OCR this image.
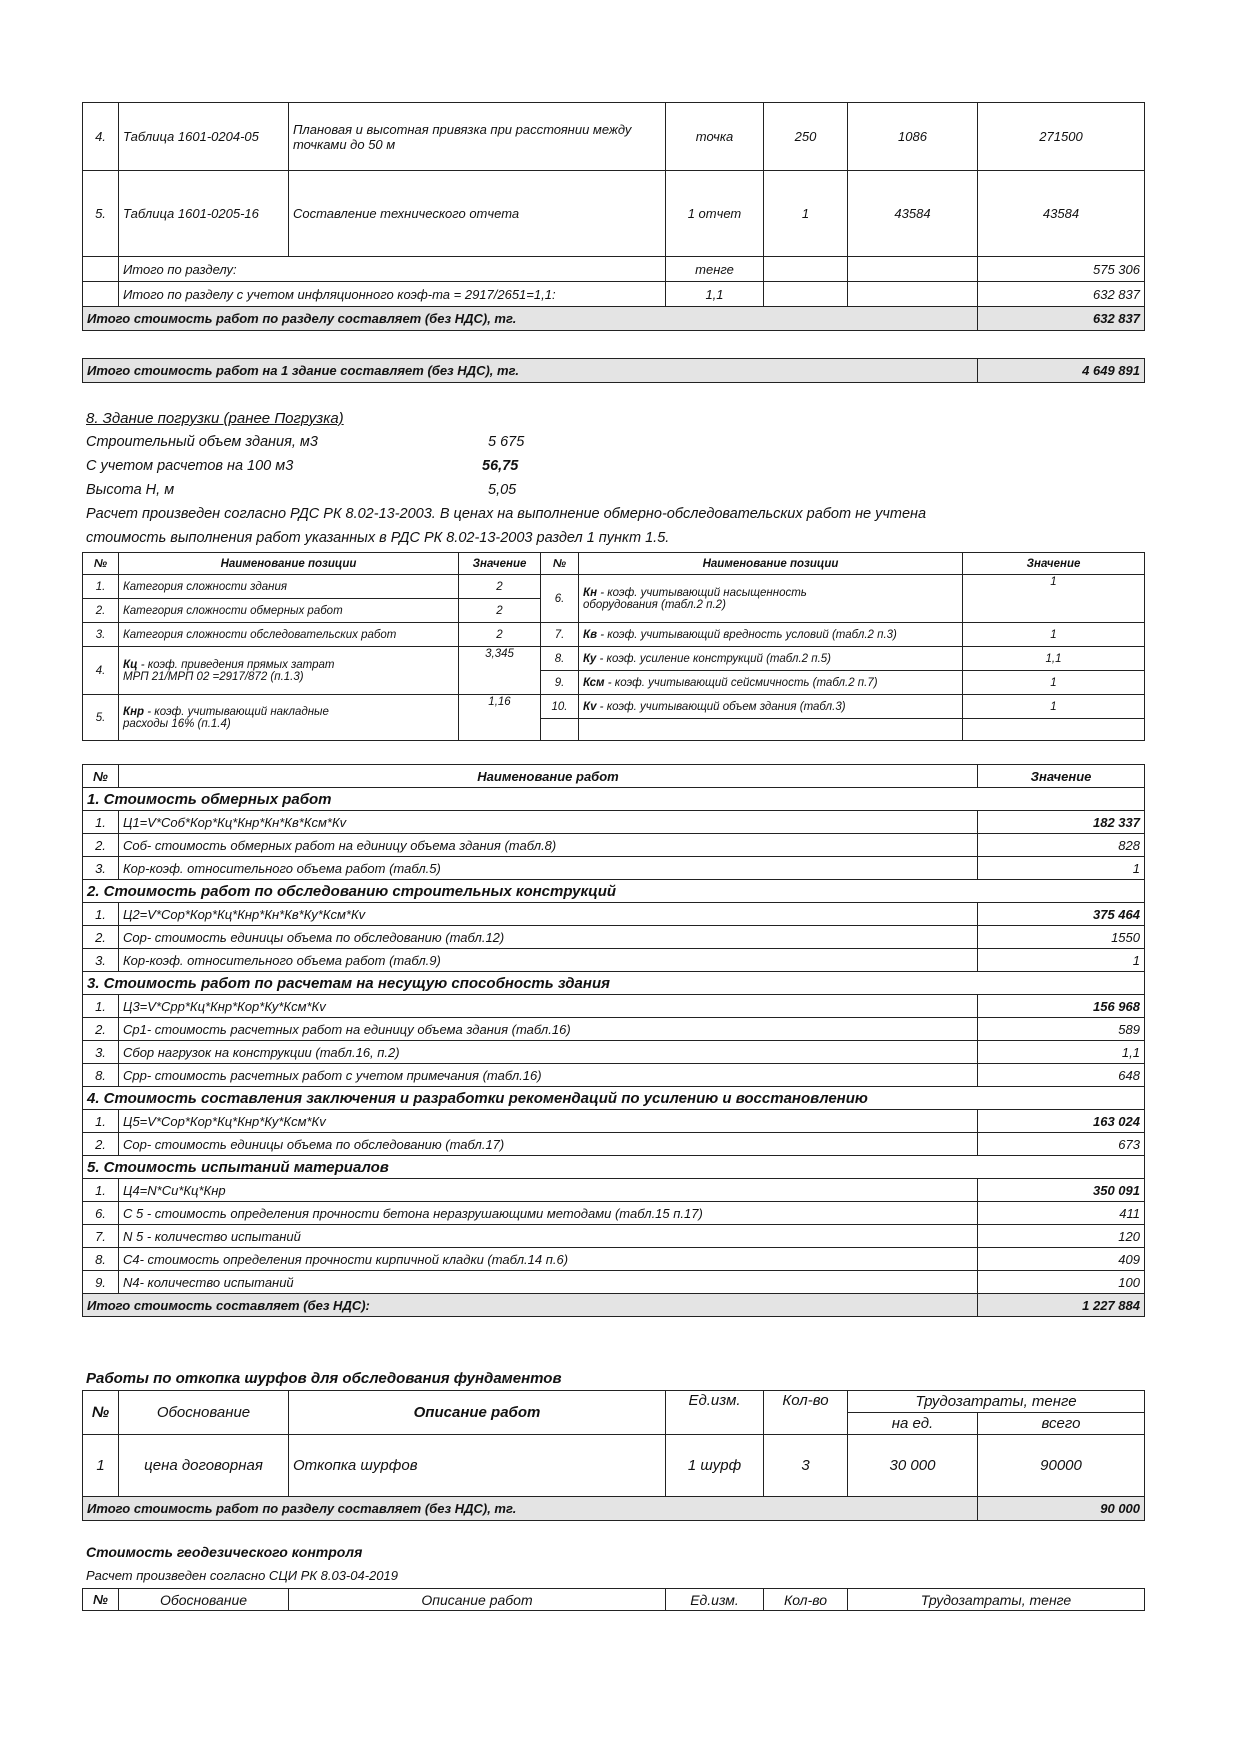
4.	Таблица 1601-0204-05	Плановая и высотная привязка при расстоянии между точками до 50 м	точка	250	1086	271500
5.	Таблица 1601-0205-16	Составление технического отчета	1 отчет	1	43584	43584
	Итого по разделу:		тенге			575 306
	Итого по разделу с учетом инфляционного коэф-та = 2917/2651=1,1:		1,1			632 837
Итого стоимость работ по разделу составляет (без НДС), тг.						632 837
Итого стоимость работ на 1 здание составляет (без НДС), тг.	4 649 891
8. Здание погрузки (ранее Погрузка)
Строительный объем здания, м3	5 675
С учетом расчетов на 100 м3	56,75
Высота Н, м	5,05
Расчет произведен согласно РДС РК 8.02-13-2003. В ценах на выполнение обмерно-обследовательских работ не учтена
стоимость выполнения работ указанных в РДС РК 8.02-13-2003 раздел 1 пункт 1.5.
№	Наименование позиции	Значение	№	Наименование позиции	Значение
1.	Категория сложности здания	2	6.	Кн - коэф. учитывающий насыщенность
оборудования (табл.2 п.2)	1
2.	Категория сложности обмерных работ	2			
3.	Категория сложности обследовательских работ	2	7.	Кв - коэф. учитывающий вредность условий (табл.2 п.3)	1
4.	Кц - коэф. приведения прямых затрат
МРП 21/МРП 02 =2917/872 (п.1.3)	3,345	8.	Ку - коэф. усиление конструкций (табл.2 п.5)	1,1
			9.	Ксм - коэф. учитывающий сейсмичность (табл.2 п.7)	1
5.	Кнр - коэф. учитывающий накладные
расходы 16% (п.1.4)	1,16	10.	Кv - коэф. учитывающий объем здания (табл.3)	1

№	Наименование работ	Значение
1. Стоимость обмерных работ		
1.	Ц1=V*Соб*Кор*Кц*Кнр*Кн*Кв*Ксм*Кv	182 337
2.	Соб- стоимость обмерных работ на единицу объема здания (табл.8)	828
3.	Кор-коэф. относительного объема работ (табл.5)	1
2. Стоимость работ по обследованию строительных конструкций		
1.	Ц2=V*Сор*Кор*Кц*Кнр*Кн*Кв*Ку*Ксм*Кv	375 464
2.	Сор- стоимость единицы объема по обследованию (табл.12)	1550
3.	Кор-коэф. относительного объема работ (табл.9)	1
3. Стоимость работ по расчетам на несущую способность здания		
1.	Ц3=V*Срр*Кц*Кнр*Кор*Ку*Ксм*Кv	156 968
2.	Ср1- стоимость расчетных работ на единицу объема здания (табл.16)	589
3.	Сбор нагрузок на конструкции (табл.16, п.2)	1,1
8.	Срр- стоимость расчетных работ с учетом примечания (табл.16)	648
4. Стоимость составления заключения и разработки рекомендаций по усилению и восстановлению		
1.	Ц5=V*Сор*Кор*Кц*Кнр*Ку*Ксм*Кv	163 024
2.	Сор- стоимость единицы объема по обследованию (табл.17)	673
5. Стоимость испытаний материалов		
1.	Ц4=N*Си*Кц*Кнр	350 091
6.	С 5 - стоимость определения прочности бетона неразрушающими методами (табл.15 п.17)	411
7.	N 5 - количество испытаний	120
8.	С4- стоимость определения прочности кирпичной кладки (табл.14 п.6)	409
9.	N4- количество испытаний	100
Итого стоимость составляет (без НДС):		1 227 884
Работы по откопка шурфов для обследования фундаментов
№	Обоснование	Описание работ	Ед.изм.	Кол-во	Трудозатраты, тенге	
					на ед.	всего
1	цена договорная	Откопка шурфов	1 шурф	3	30 000	90000
Итого стоимость работ по разделу составляет (без НДС), тг.						90 000
Стоимость геодезического контроля
Расчет произведен согласно СЦИ РК 8.03-04-2019
№	Обоснование	Описание работ	Ед.изм.	Кол-во	Трудозатраты, тенге
